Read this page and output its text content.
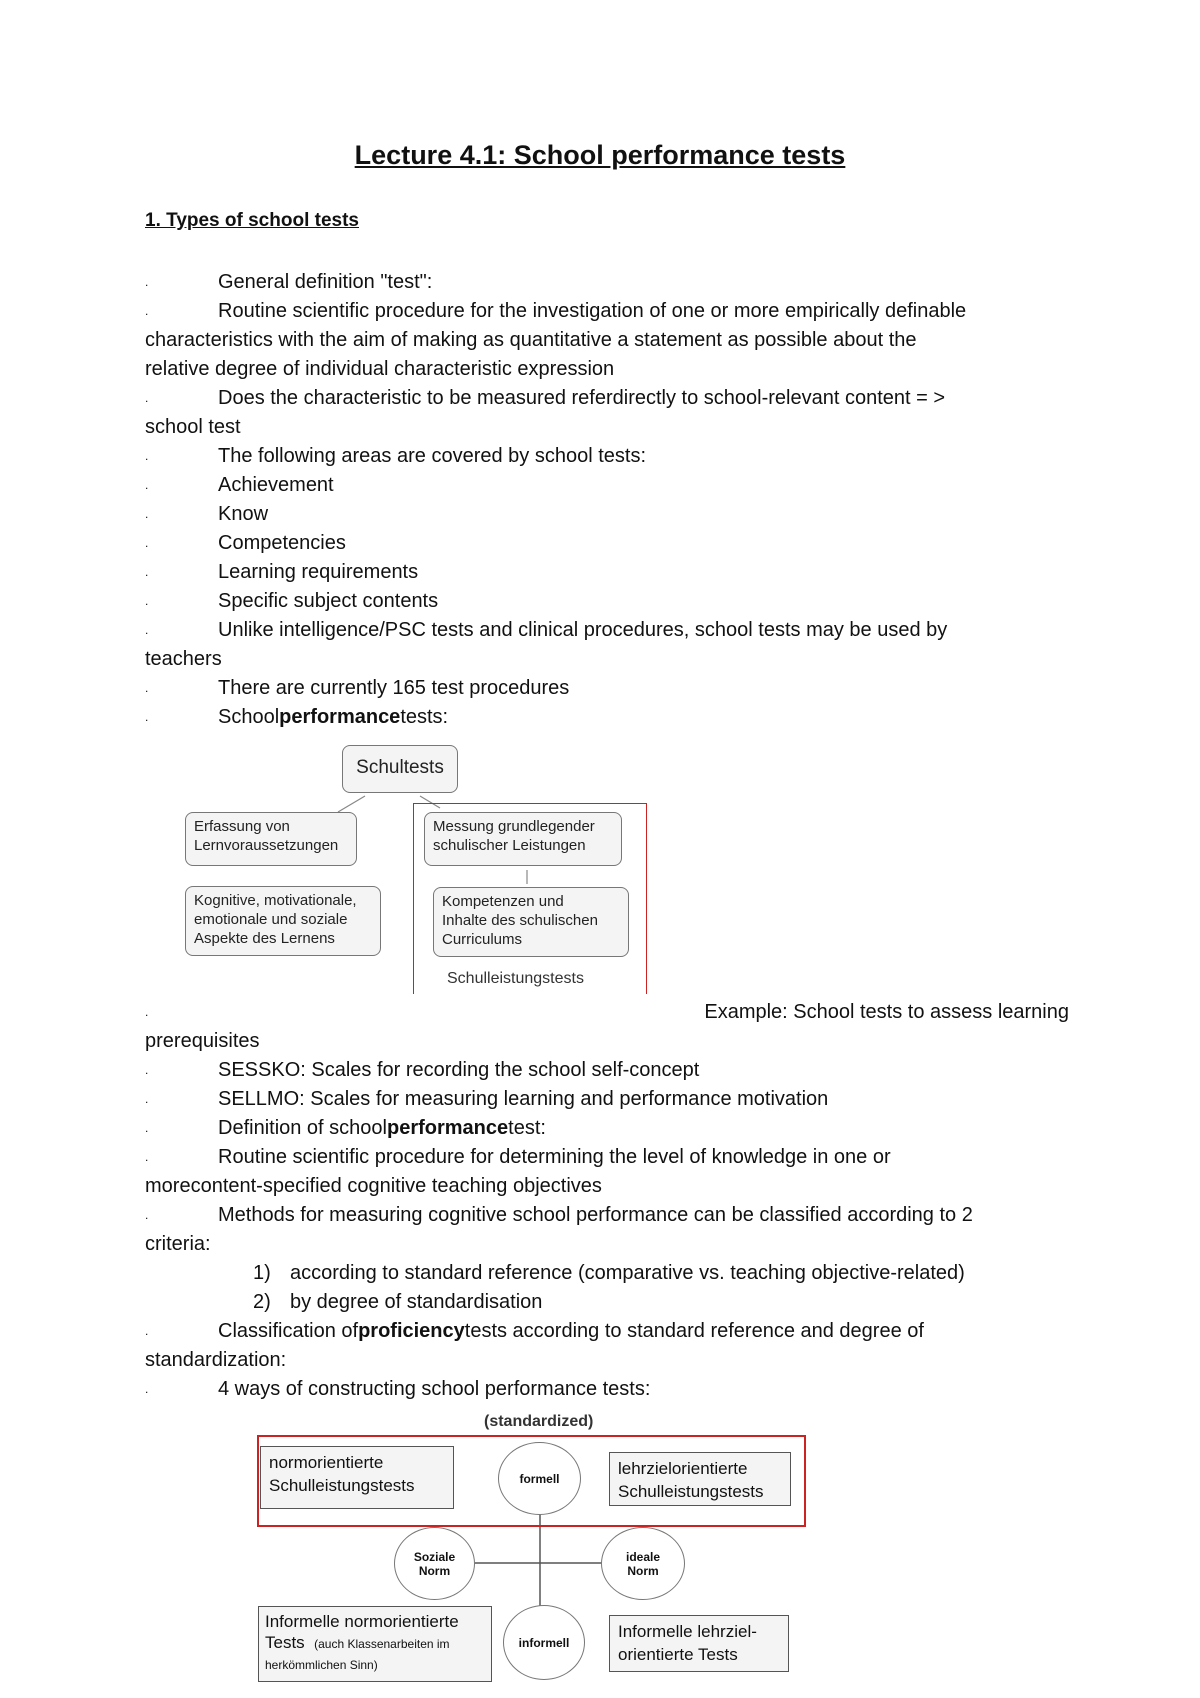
Lecture 4.1: School performance tests
1. Types of school tests
.	General definition "test":
.	Routine scientific procedure for the investigation of one or more empirically definable
characteristics with the aim of making as quantitative a statement as possible about the
relative degree of individual characteristic expression
.	Does the characteristic to be measured referdirectly to school-relevant content = >
school test
.	The following areas are covered by school tests:
.	Achievement
.	Know
.	Competencies
.	Learning requirements
.	Specific subject contents
.	Unlike intelligence/PSC tests and clinical procedures, school tests may be used by
teachers
.	There are currently 165 test procedures
.	Schoolperformancetests:
Schultests
Erfassung von
Lernvoraussetzungen
Kognitive, motivationale,
emotionale und soziale
Aspekte des Lernens
Messung grundlegender
schulischer Leistungen
Kompetenzen und
Inhalte des schulischen
Curriculums
Schulleistungstests
.	Example: School tests to assess learning
prerequisites
.	SESSKO: Scales for recording the school self-concept
.	SELLMO: Scales for measuring learning and performance motivation
.	Definition of schoolperformancetest:
.	Routine scientific procedure for determining the level of knowledge in one or
morecontent-specified cognitive teaching objectives
.	Methods for measuring cognitive school performance can be classified according to 2
criteria:
1) according to standard reference (comparative vs. teaching objective-related)
2) by degree of standardisation
.	Classification ofproficiencytests according to standard reference and degree of
standardization:
.	4 ways of constructing school performance tests:
(standardized)
normorientierte
Schulleistungstests
lehrzielorientierte
Schulleistungstests
formell
Soziale
Norm
ideale
Norm
informell
Informelle normorientierte
Tests (auch Klassenarbeiten im
herkömmlichen Sinn)
Informelle lehrziel-
orientierte Tests
